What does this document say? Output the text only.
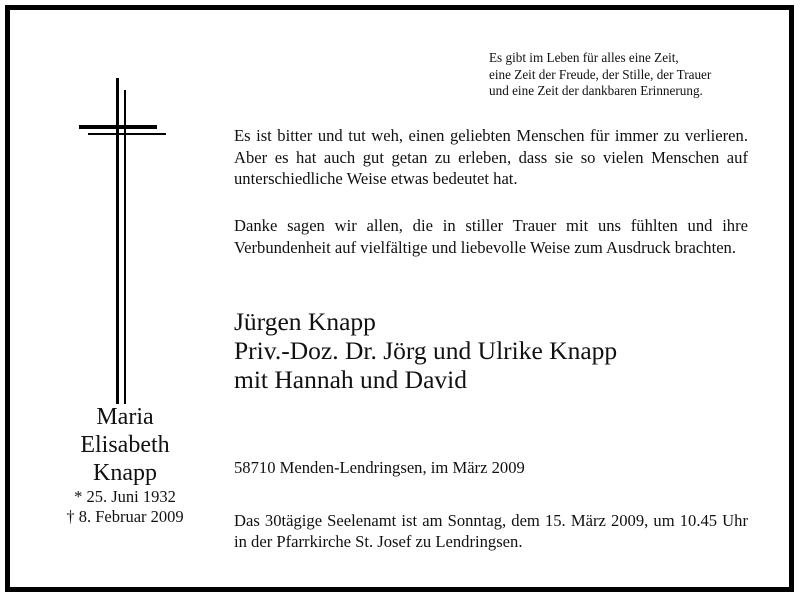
Es gibt im Leben für alles eine Zeit,
eine Zeit der Freude, der Stille, der Trauer
und eine Zeit der dankbaren Erinnerung.
Es ist bitter und tut weh, einen geliebten Menschen für immer zu verlieren. Aber es hat auch gut getan zu erleben, dass sie so vielen Menschen auf unterschiedliche Weise etwas bedeutet hat.
Danke sagen wir allen, die in stiller Trauer mit uns fühlten und ihre Verbundenheit auf vielfältige und liebevolle Weise zum Ausdruck brachten.
Jürgen Knapp
Priv.-Doz. Dr. Jörg und Ulrike Knapp
mit Hannah und David
Maria
Elisabeth
Knapp
* 25. Juni 1932
† 8. Februar 2009
58710 Menden-Lendringsen, im März 2009
Das 30tägige Seelenamt ist am Sonntag, dem 15. März 2009, um 10.45 Uhr in der Pfarrkirche St. Josef zu Lendringsen.
